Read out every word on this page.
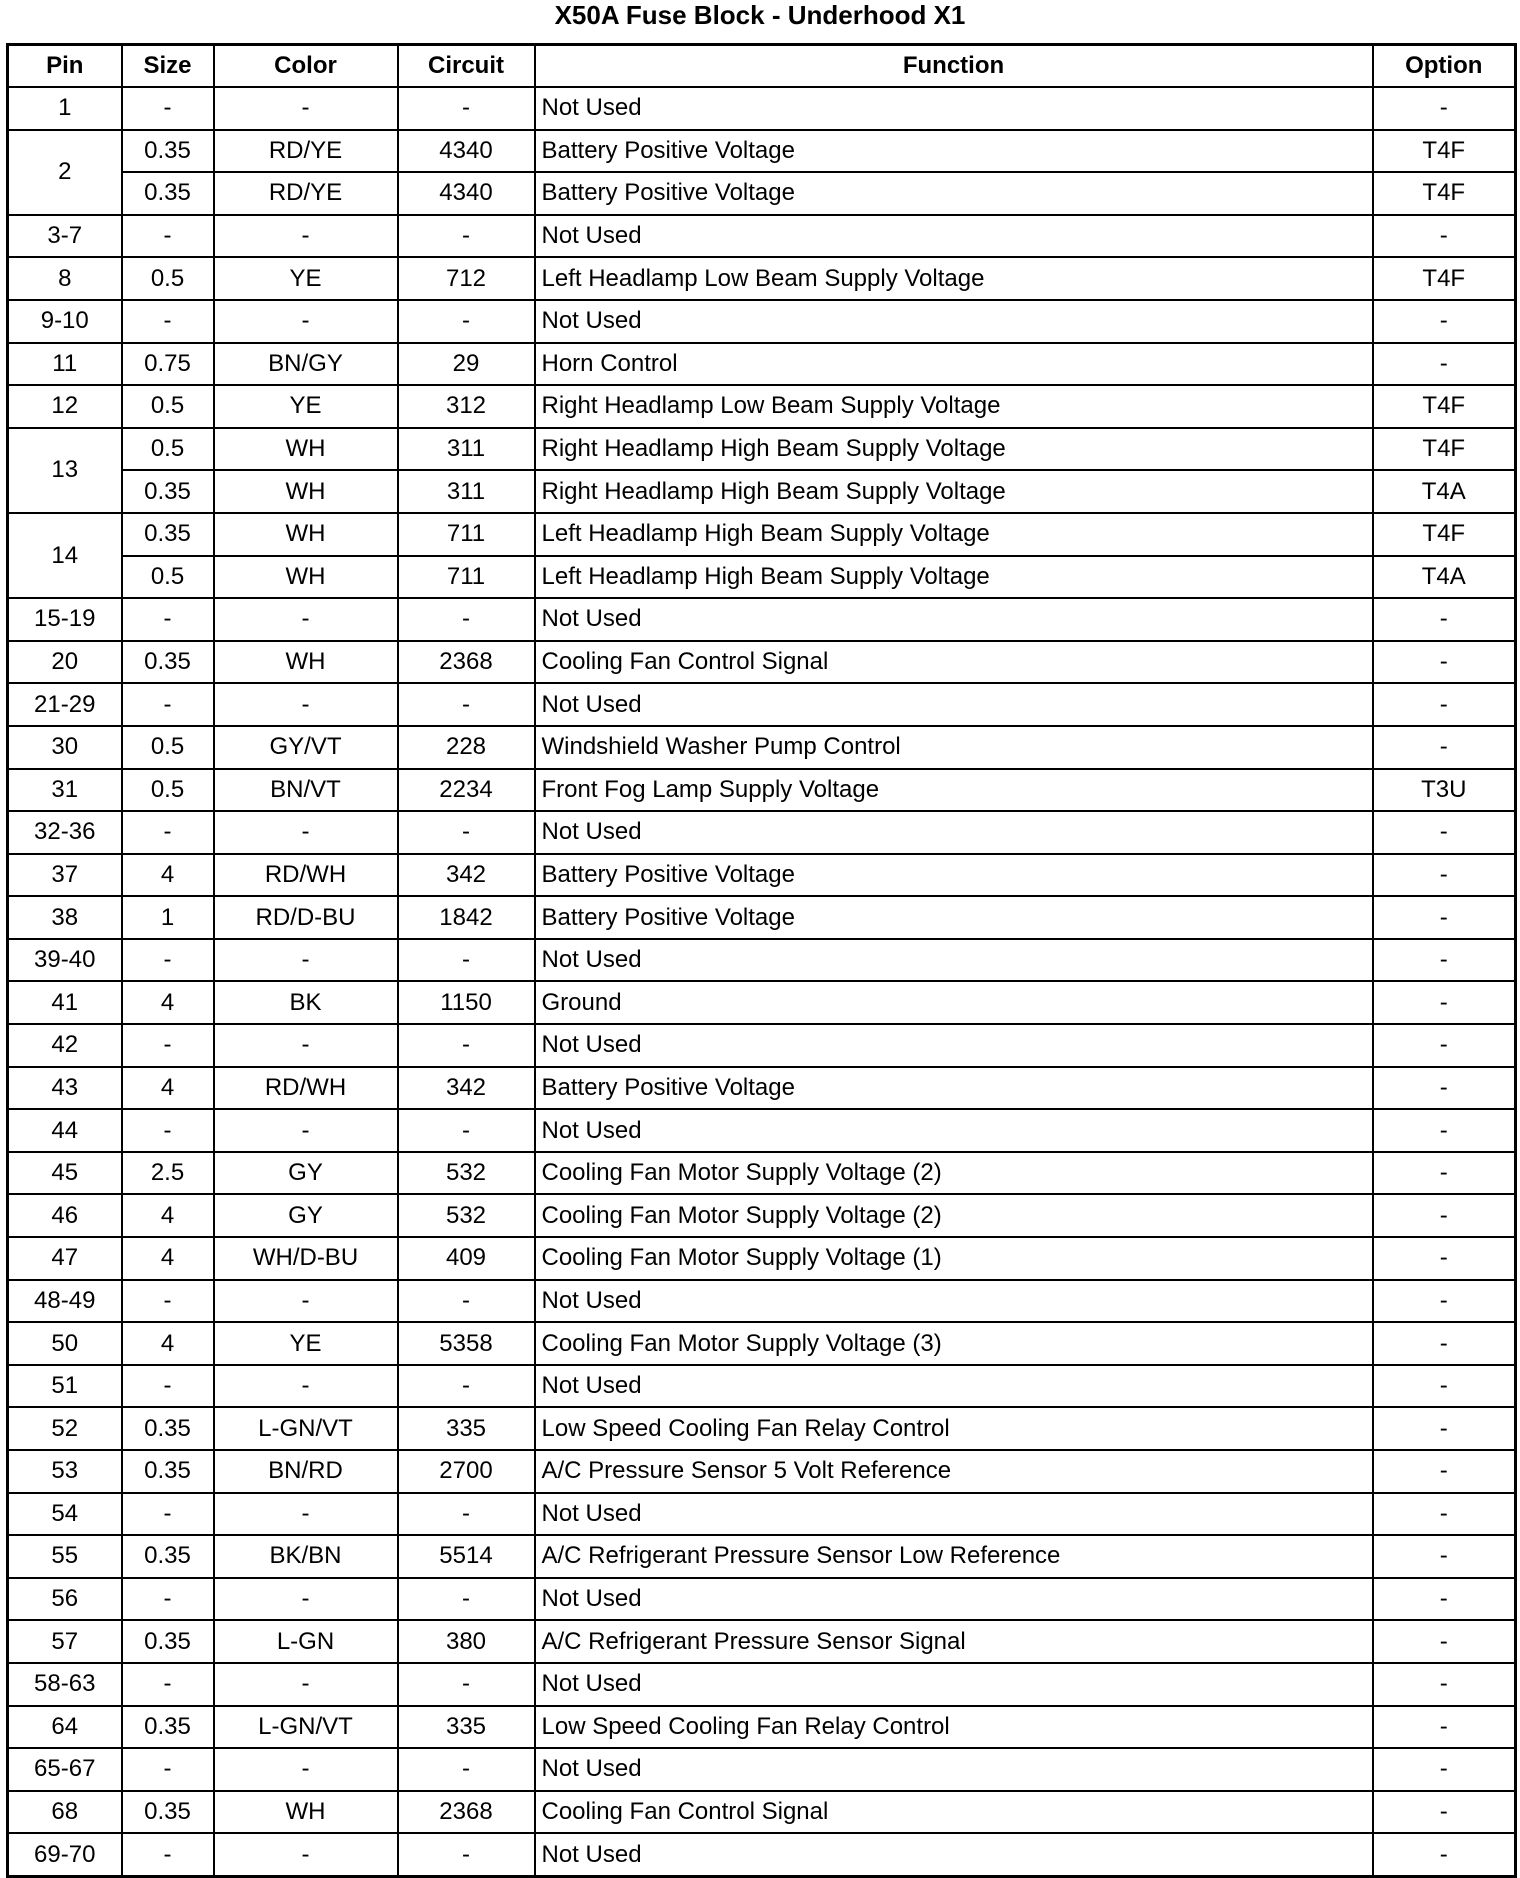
X50A Fuse Block - Underhood X1
Pin	Size	Color	Circuit	Function	Option
1	-	-	-	Not Used	-
2	0.35	RD/YE	4340	Battery Positive Voltage	T4F
	0.35	RD/YE	4340	Battery Positive Voltage	T4F
3-7	-	-	-	Not Used	-
8	0.5	YE	712	Left Headlamp Low Beam Supply Voltage	T4F
9-10	-	-	-	Not Used	-
11	0.75	BN/GY	29	Horn Control	-
12	0.5	YE	312	Right Headlamp Low Beam Supply Voltage	T4F
13	0.5	WH	311	Right Headlamp High Beam Supply Voltage	T4F
	0.35	WH	311	Right Headlamp High Beam Supply Voltage	T4A
14	0.35	WH	711	Left Headlamp High Beam Supply Voltage	T4F
	0.5	WH	711	Left Headlamp High Beam Supply Voltage	T4A
15-19	-	-	-	Not Used	-
20	0.35	WH	2368	Cooling Fan Control Signal	-
21-29	-	-	-	Not Used	-
30	0.5	GY/VT	228	Windshield Washer Pump Control	-
31	0.5	BN/VT	2234	Front Fog Lamp Supply Voltage	T3U
32-36	-	-	-	Not Used	-
37	4	RD/WH	342	Battery Positive Voltage	-
38	1	RD/D-BU	1842	Battery Positive Voltage	-
39-40	-	-	-	Not Used	-
41	4	BK	1150	Ground	-
42	-	-	-	Not Used	-
43	4	RD/WH	342	Battery Positive Voltage	-
44	-	-	-	Not Used	-
45	2.5	GY	532	Cooling Fan Motor Supply Voltage (2)	-
46	4	GY	532	Cooling Fan Motor Supply Voltage (2)	-
47	4	WH/D-BU	409	Cooling Fan Motor Supply Voltage (1)	-
48-49	-	-	-	Not Used	-
50	4	YE	5358	Cooling Fan Motor Supply Voltage (3)	-
51	-	-	-	Not Used	-
52	0.35	L-GN/VT	335	Low Speed Cooling Fan Relay Control	-
53	0.35	BN/RD	2700	A/C Pressure Sensor 5 Volt Reference	-
54	-	-	-	Not Used	-
55	0.35	BK/BN	5514	A/C Refrigerant Pressure Sensor Low Reference	-
56	-	-	-	Not Used	-
57	0.35	L-GN	380	A/C Refrigerant Pressure Sensor Signal	-
58-63	-	-	-	Not Used	-
64	0.35	L-GN/VT	335	Low Speed Cooling Fan Relay Control	-
65-67	-	-	-	Not Used	-
68	0.35	WH	2368	Cooling Fan Control Signal	-
69-70	-	-	-	Not Used	-
